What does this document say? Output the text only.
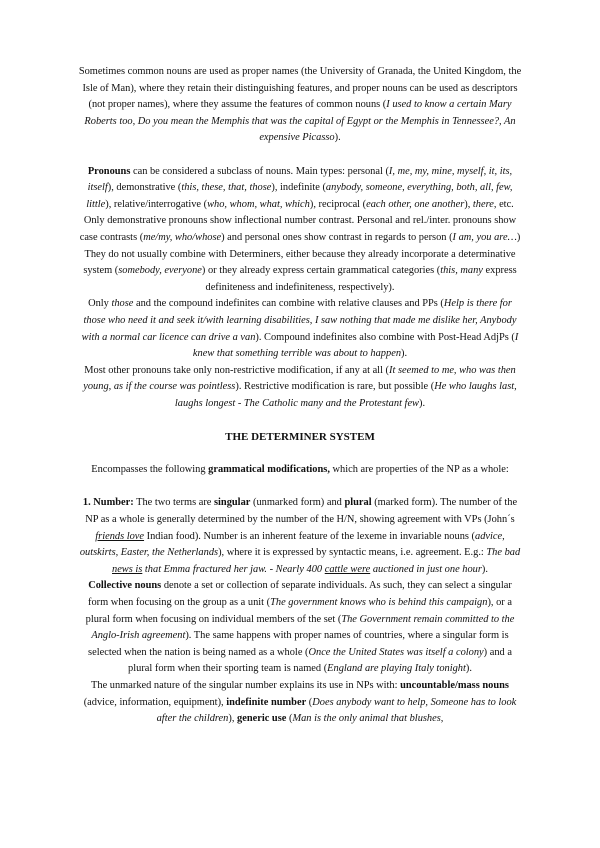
Sometimes common nouns are used as proper names (the University of Granada, the United Kingdom, the Isle of Man), where they retain their distinguishing features, and proper nouns can be used as descriptors (not proper names), where they assume the features of common nouns (I used to know a certain Mary Roberts too, Do you mean the Memphis that was the capital of Egypt or the Memphis in Tennessee?, An expensive Picasso).

Pronouns can be considered a subclass of nouns. Main types: personal (I, me, my, mine, myself, it, its, itself), demonstrative (this, these, that, those), indefinite (anybody, someone, everything, both, all, few, little), relative/interrogative (who, whom, what, which), reciprocal (each other, one another), there, etc. Only demonstrative pronouns show inflectional number contrast. Personal and rel./inter. pronouns show case contrasts (me/my, who/whose) and personal ones show contrast in regards to person (I am, you are…)

They do not usually combine with Determiners, either because they already incorporate a determinative system (somebody, everyone) or they already express certain grammatical categories (this, many express definiteness and indefiniteness, respectively).

Only those and the compound indefinites can combine with relative clauses and PPs (Help is there for those who need it and seek it/with learning disabilities, I saw nothing that made me dislike her, Anybody with a normal car licence can drive a van). Compound indefinites also combine with Post-Head AdjPs (I knew that something terrible was about to happen).

Most other pronouns take only non-restrictive modification, if any at all (It seemed to me, who was then young, as if the course was pointless). Restrictive modification is rare, but possible (He who laughs last, laughs longest - The Catholic many and the Protestant few).

THE DETERMINER SYSTEM

Encompasses the following grammatical modifications, which are properties of the NP as a whole:

1. Number: The two terms are singular (unmarked form) and plural (marked form). The number of the NP as a whole is generally determined by the number of the H/N, showing agreement with VPs (John´s friends love Indian food). Number is an inherent feature of the lexeme in invariable nouns (advice, outskirts, Easter, the Netherlands), where it is expressed by syntactic means, i.e. agreement. E.g.: The bad news is that Emma fractured her jaw. - Nearly 400 cattle were auctioned in just one hour).

Collective nouns denote a set or collection of separate individuals. As such, they can select a singular form when focusing on the group as a unit (The government knows who is behind this campaign), or a plural form when focusing on individual members of the set (The Government remain committed to the Anglo-Irish agreement). The same happens with proper names of countries, where a singular form is selected when the nation is being named as a whole (Once the United States was itself a colony) and a plural form when their sporting team is named (England are playing Italy tonight).

The unmarked nature of the singular number explains its use in NPs with: uncountable/mass nouns (advice, information, equipment), indefinite number (Does anybody want to help, Someone has to look after the children), generic use (Man is the only animal that blushes,
